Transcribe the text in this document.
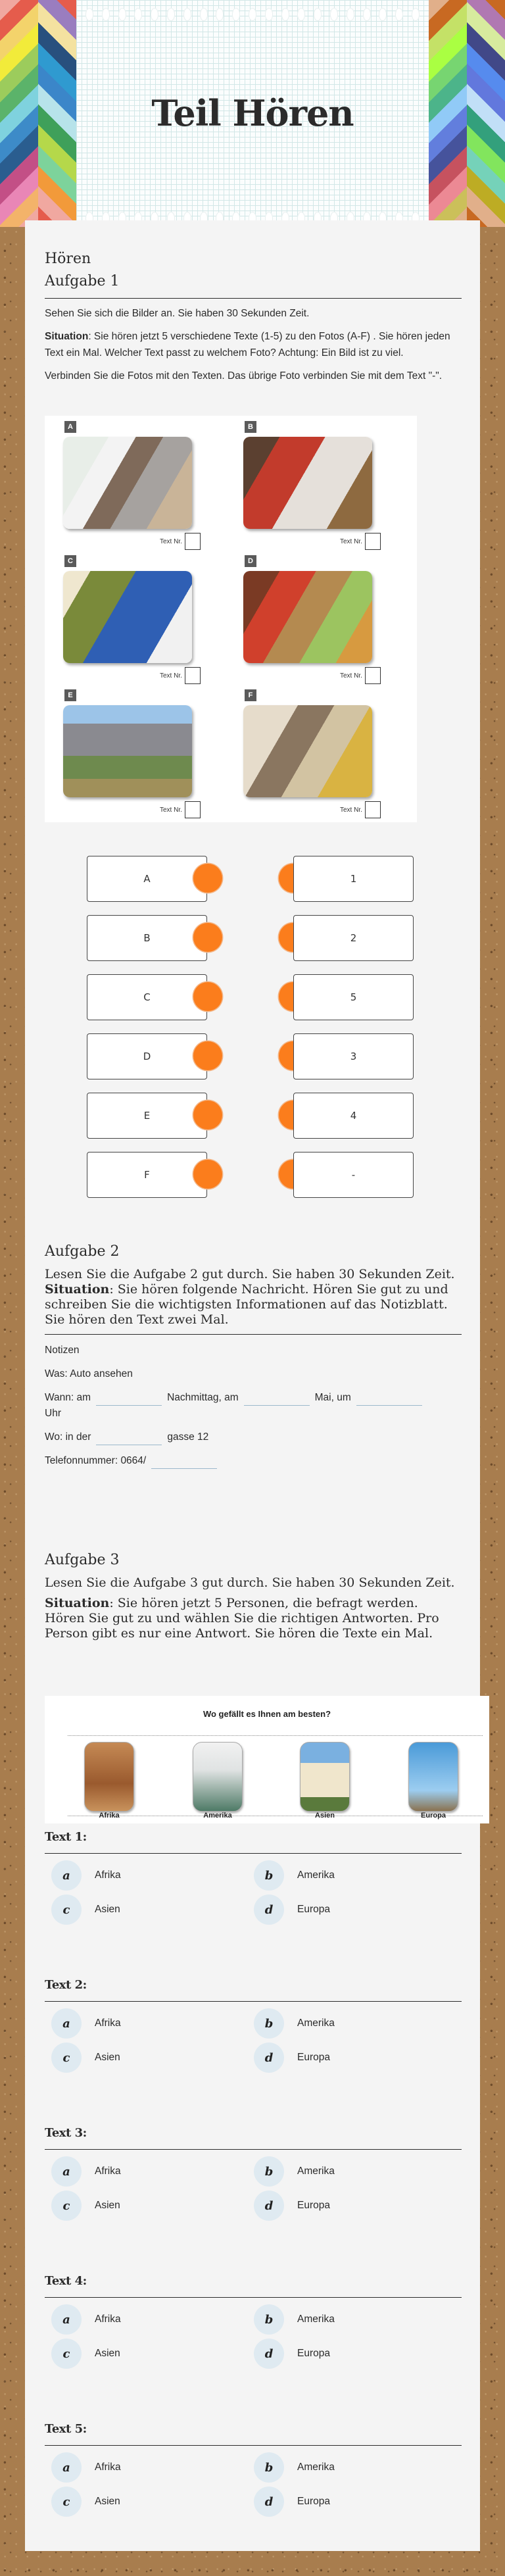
Teil Hören
Hören
Aufgabe 1

Sehen Sie sich die Bilder an. Sie haben 30 Sekunden Zeit.

Situation: Sie hören jetzt 5 verschiedene Texte (1-5) zu den Fotos (A-F) . Sie hören jeden Text ein Mal. Welcher Text passt zu welchem Foto? Achtung: Ein Bild ist zu viel.

Verbinden Sie die Fotos mit den Texten. Das übrige Foto verbinden Sie mit dem Text "-".

A
Text Nr.
B
Text Nr.
C
Text Nr.
D
Text Nr.
E
Text Nr.
F
Text Nr.
A	1
B	2
C	5
D	3
E	4
F	-
Aufgabe 2

Lesen Sie die Aufgabe 2 gut durch. Sie haben 30 Sekunden Zeit.

Situation: Sie hören folgende Nachricht. Hören Sie gut zu und schreiben Sie die wichtigsten Informationen auf das Notizblatt. Sie hören den Text zwei Mal.

Notizen
Was: Auto ansehen
Wann: am	Nachmittag, am	Mai, um
Uhr
Wo: in der	gasse 12
Telefonnummer: 0664/
Aufgabe 3

Lesen Sie die Aufgabe 3 gut durch. Sie haben 30 Sekunden Zeit.

Situation: Sie hören jetzt 5 Personen, die befragt werden. Hören Sie gut zu und wählen Sie die richtigen Antworten. Pro Person gibt es nur eine Antwort. Sie hören die Texte ein Mal.

Wo gefällt es Ihnen am besten?
Afrika	Amerika	Asien	Europa
Text 1:
a	Afrika	b	Amerika
c	Asien	d	Europa
Text 2:
a	Afrika	b	Amerika
c	Asien	d	Europa
Text 3:
a	Afrika	b	Amerika
c	Asien	d	Europa
Text 4:
a	Afrika	b	Amerika
c	Asien	d	Europa
Text 5:
a	Afrika	b	Amerika
c	Asien	d	Europa
